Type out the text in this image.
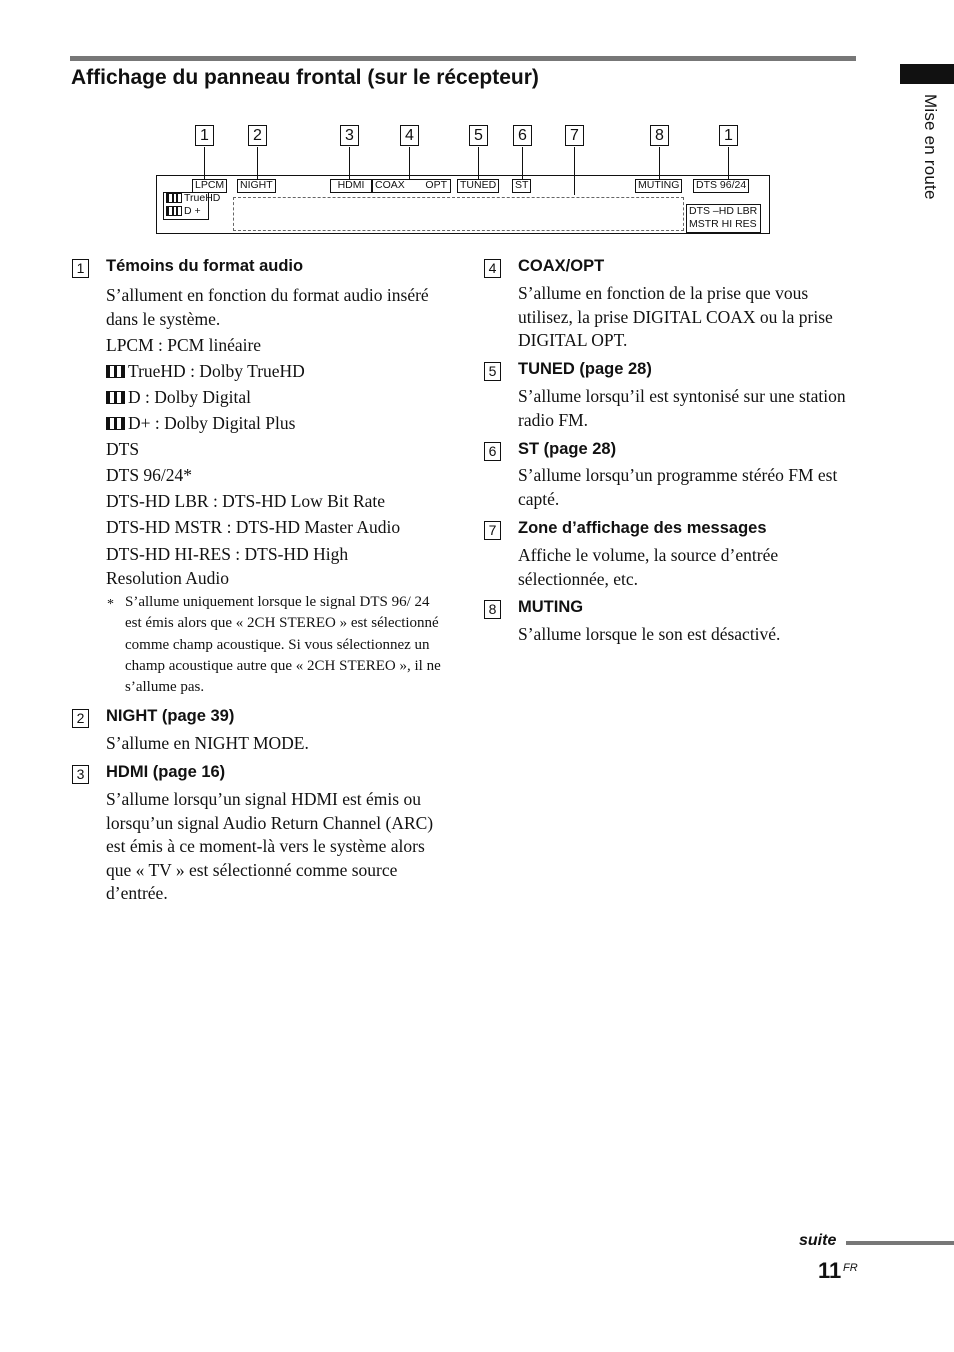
Affichage du panneau frontal (sur le récepteur)
Mise en route
1	2	3	4	5	6	7	8	1
LPCM
TrueHD
D +
NIGHT	HDMI	COAX OPT TUNED ST	MUTING DTS 96/24
DTS –HD LBR
MSTR HI RES
1 Témoins du format audio
S’allument en fonction du format audio inséré dans le système.
LPCM : PCM linéaire
TrueHD : Dolby TrueHD
D : Dolby Digital
D+ : Dolby Digital Plus
DTS
DTS 96/24*
DTS-HD LBR : DTS-HD Low Bit Rate
DTS-HD MSTR : DTS-HD Master Audio
DTS-HD HI-RES : DTS-HD High Resolution Audio
* S’allume uniquement lorsque le signal DTS 96/ 24 est émis alors que « 2CH STEREO » est sélectionné comme champ acoustique. Si vous sélectionnez un champ acoustique autre que « 2CH STEREO », il ne s’allume pas.
2 NIGHT (page 39)
S’allume en NIGHT MODE.
3 HDMI (page 16)
S’allume lorsqu’un signal HDMI est émis ou lorsqu’un signal Audio Return Channel (ARC) est émis à ce moment-là vers le système alors que « TV » est sélectionné comme source d’entrée.
4 COAX/OPT
S’allume en fonction de la prise que vous utilisez, la prise DIGITAL COAX ou la prise DIGITAL OPT.
5 TUNED (page 28)
S’allume lorsqu’il est syntonisé sur une station radio FM.
6 ST (page 28)
S’allume lorsqu’un programme stéréo FM est capté.
7 Zone d’affichage des messages
Affiche le volume, la source d’entrée sélectionnée, etc.
8 MUTING
S’allume lorsque le son est désactivé.
suite
11 FR
